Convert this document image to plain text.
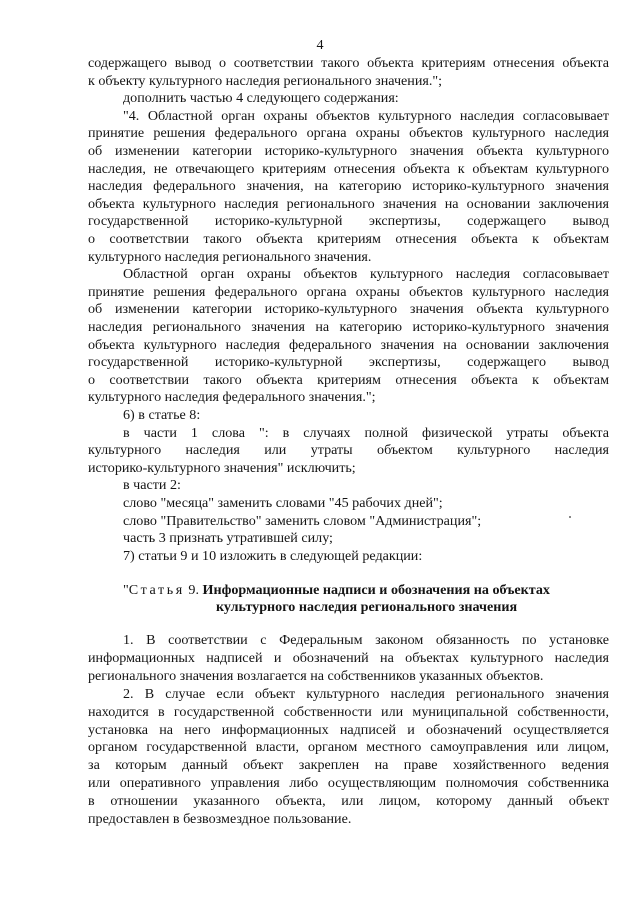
4
содержащего вывод о соответствии такого объекта критериям отнесения объекта
к объекту культурного наследия регионального значения.";
дополнить частью 4 следующего содержания:
"4. Областной орган охраны объектов культурного наследия согласовывает
принятие решения федерального органа охраны объектов культурного наследия
об изменении категории историко-культурного значения объекта культурного
наследия, не отвечающего критериям отнесения объекта к объектам культурного
наследия федерального значения, на категорию историко-культурного значения
объекта культурного наследия регионального значения на основании заключения
государственной историко-культурной экспертизы, содержащего вывод
о соответствии такого объекта критериям отнесения объекта к объектам
культурного наследия регионального значения.
Областной орган охраны объектов культурного наследия согласовывает
принятие решения федерального органа охраны объектов культурного наследия
об изменении категории историко-культурного значения объекта культурного
наследия регионального значения на категорию историко-культурного значения
объекта культурного наследия федерального значения на основании заключения
государственной историко-культурной экспертизы, содержащего вывод
о соответствии такого объекта критериям отнесения объекта к объектам
культурного наследия федерального значения.";
6) в статье 8:
в части 1 слова ": в случаях полной физической утраты объекта
культурного наследия или утраты объектом культурного наследия
историко-культурного значения" исключить;
в части 2:
слово "месяца" заменить словами "45 рабочих дней";
слово "Правительство" заменить словом "Администрация";
часть 3 признать утратившей силу;
7) статьи 9 и 10 изложить в следующей редакции:
"Статья 9. Информационные надписи и обозначения на объектах
культурного наследия регионального значения
1. В соответствии с Федеральным законом обязанность по установке
информационных надписей и обозначений на объектах культурного наследия
регионального значения возлагается на собственников указанных объектов.
2. В случае если объект культурного наследия регионального значения
находится в государственной собственности или муниципальной собственности,
установка на него информационных надписей и обозначений осуществляется
органом государственной власти, органом местного самоуправления или лицом,
за которым данный объект закреплен на праве хозяйственного ведения
или оперативного управления либо осуществляющим полномочия собственника
в отношении указанного объекта, или лицом, которому данный объект
предоставлен в безвозмездное пользование.
